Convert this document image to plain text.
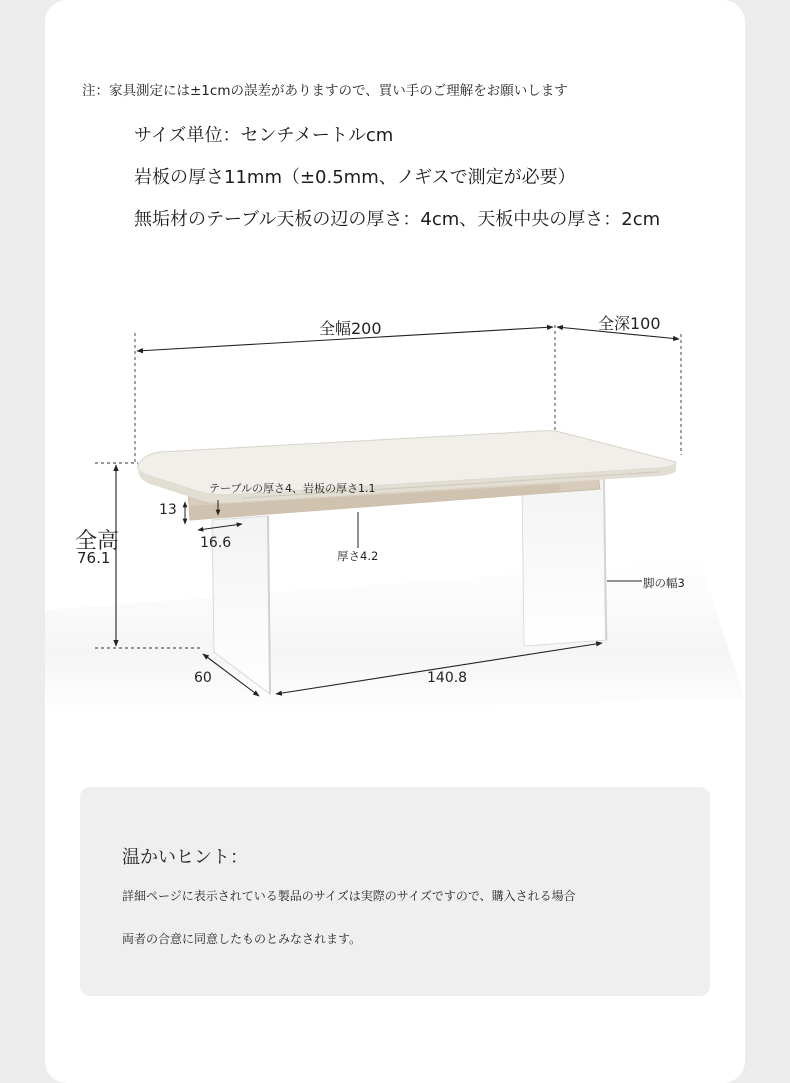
注：家具測定には±1cmの誤差がありますので、買い手のご理解をお願いします
サイズ単位：センチメートルcm
岩板の厚さ11mm（±0.5mm、ノギスで測定が必要）
無垢材のテーブル天板の辺の厚さ：4cm、天板中央の厚さ：2cm
全幅200	全深100
全高
76.1
テーブルの厚さ4、岩板の厚さ1.1
13
16.6
厚さ4.2
脚の幅3
60	140.8
温かいヒント：
詳細ページに表示されている製品のサイズは実際のサイズですので、購入される場合
両者の合意に同意したものとみなされます。
